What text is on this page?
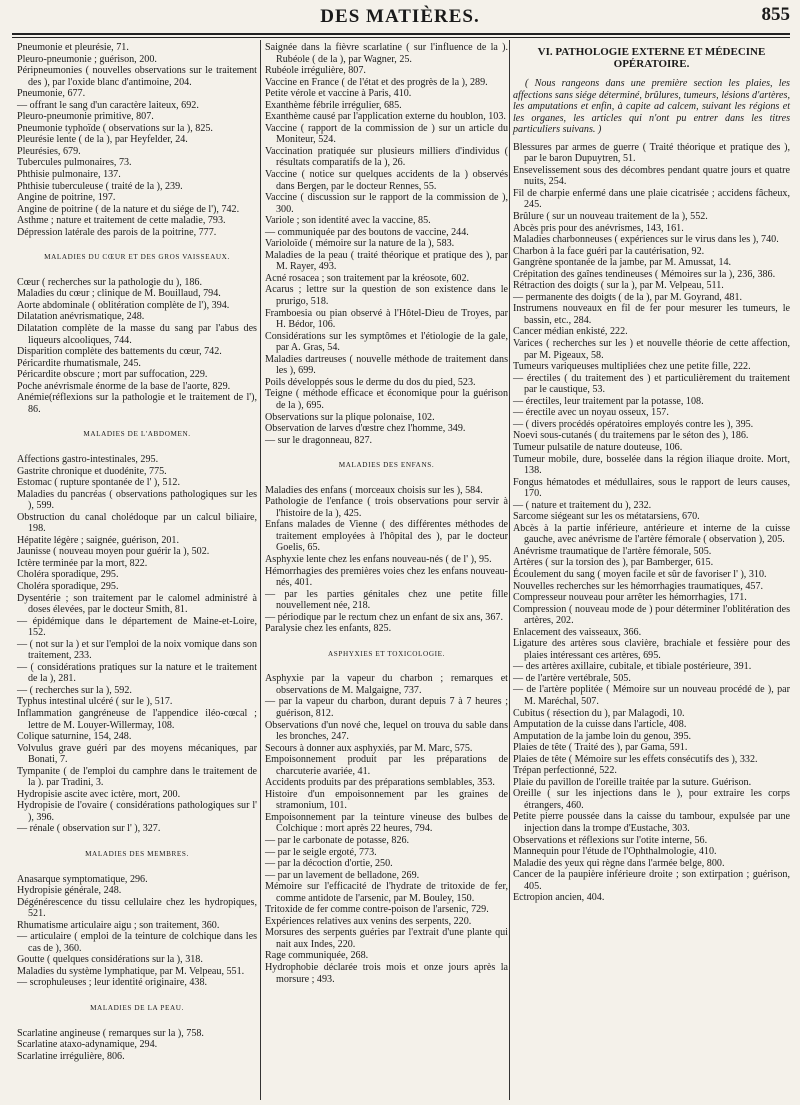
DES MATIÈRES.	855

Pneumonie et pleurésie, 71.

Pleuro-pneumonie ; guérison, 200.

Péripneumonies ( nouvelles observations sur le traitement des ), par l'oxide blanc d'antimoine, 204.

Pneumonie, 677.

— offrant le sang d'un caractère laiteux, 692.

Pleuro-pneumonie primitive, 807.

Pneumonie typhoïde ( observations sur la ), 825.

Pleurésie lente ( de la ), par Heyfelder, 24.

Pleurésies, 679.

Tubercules pulmonaires, 73.

Phthisie pulmonaire, 137.

Phthisie tuberculeuse ( traité de la ), 239.

Angine de poitrine, 197.

Angine de poitrine ( de la nature et du siége de l'), 742.

Asthme ; nature et traitement de cette maladie, 793.

Dépression latérale des parois de la poitrine, 777.

MALADIES DU CŒUR ET DES GROS VAISSEAUX.

Cœur ( recherches sur la pathologie du ), 186.

Maladies du cœur ; clinique de M. Bouillaud, 794.

Aorte abdominale ( oblitération complète de l'), 394.

Dilatation anévrismatique, 248.

Dilatation complète de la masse du sang par l'abus des liqueurs alcooliques, 744.

Disparition complète des battements du cœur, 742.

Péricardite rhumatismale, 245.

Péricardite obscure ; mort par suffocation, 229.

Poche anévrismale énorme de la base de l'aorte, 829.

Anémie(réflexions sur la pathologie et le traitement de l'), 86.

MALADIES DE L'ABDOMEN.

Affections gastro-intestinales, 295.

Gastrite chronique et duodénite, 775.

Estomac ( rupture spontanée de l' ), 512.

Maladies du pancréas ( observations pathologiques sur les ), 599.

Obstruction du canal cholédoque par un calcul biliaire, 198.

Hépatite légère ; saignée, guérison, 201.

Jaunisse ( nouveau moyen pour guérir la ), 502.

Ictère terminée par la mort, 822.

Choléra sporadique, 295.

Choléra sporadique, 295.

Dysentérie ; son traitement par le calomel administré à doses élevées, par le docteur Smith, 81.

— épidémique dans le département de Maine-et-Loire, 152.

— ( not sur la ) et sur l'emploi de la noix vomique dans son traitement, 233.

— ( considérations pratiques sur la nature et le traitement de la ), 281.

— ( recherches sur la ), 592.

Typhus intestinal ulcéré ( sur le ), 517.

Inflammation gangréneuse de l'appendice iléo-cœcal ; lettre de M. Louyer-Willermay, 108.

Colique saturnine, 154, 248.

Volvulus grave guéri par des moyens mécaniques, par Bonati, 7.

Tympanite ( de l'emploi du camphre dans le traitement de la ). par Tradini, 3.

Hydropisie ascite avec ictère, mort, 200.

Hydropisie de l'ovaire ( considérations pathologiques sur l' ), 396.

— rénale ( observation sur l' ), 327.

MALADIES DES MEMBRES.

Anasarque symptomatique, 296.

Hydropisie générale, 248.

Dégénérescence du tissu cellulaire chez les hydropiques, 521.

Rhumatisme articulaire aigu ; son traitement, 360.

— articulaire ( emploi de la teinture de colchique dans les cas de ), 360.

Goutte ( quelques considérations sur la ), 318.

Maladies du système lymphatique, par M. Velpeau, 551.

— scrophuleuses ; leur identité originaire, 438.

MALADIES DE LA PEAU.

Scarlatine angineuse ( remarques sur la ), 758.

Scarlatine ataxo-adynamique, 294.

Scarlatine irrégulière, 806.

Saignée dans la fièvre scarlatine ( sur l'influence de la ). Rubéole ( de la ), par Wagner, 25.

Rubéole irrégulière, 807.

Vaccine en France ( de l'état et des progrès de la ), 289.

Petite vérole et vaccine à Paris, 410.

Exanthème fébrile irrégulier, 685.

Exanthème causé par l'application externe du houblon, 103.

Vaccine ( rapport de la commission de ) sur un article du Moniteur, 524.

Vaccination pratiquée sur plusieurs milliers d'individus ( résultats comparatifs de la ), 26.

Vaccine ( notice sur quelques accidents de la ) observés dans Bergen, par le docteur Rennes, 55.

Vaccine ( discussion sur le rapport de la commission de ), 300.

Variole ; son identité avec la vaccine, 85.

— communiquée par des boutons de vaccine, 244.

Varioloïde ( mémoire sur la nature de la ), 583.

Maladies de la peau ( traité théorique et pratique des ), par M. Rayer, 493.

Acné rosacea ; son traitement par la kréosote, 602.

Acarus ; lettre sur la question de son existence dans le prurigo, 518.

Framboesia ou pian observé à l'Hôtel-Dieu de Troyes, par H. Bédor, 106.

Considérations sur les symptômes et l'étiologie de la gale, par A. Gras, 54.

Maladies dartreuses ( nouvelle méthode de traitement dans les ), 699.

Poils développés sous le derme du dos du pied, 523.

Teigne ( méthode efficace et économique pour la guérison de la ), 695.

Observations sur la plique polonaise, 102.

Observation de larves d'œstre chez l'homme, 349.

— sur le dragonneau, 827.

MALADIES DES ENFANS.

Maladies des enfans ( morceaux choisis sur les ), 584.

Pathologie de l'enfance ( trois observations pour servir à l'histoire de la ), 425.

Enfans malades de Vienne ( des différentes méthodes de traitement employées à l'hôpital des ), par le docteur Goelis, 65.

Asphyxie lente chez les enfans nouveau-nés ( de l' ), 95.

Hémorrhagies des premières voies chez les enfans nouveau-nés, 401.

— par les parties génitales chez une petite fille nouvellement née, 218.

— périodique par le rectum chez un enfant de six ans, 367.

Paralysie chez les enfants, 825.

ASPHYXIES ET TOXICOLOGIE.

Asphyxie par la vapeur du charbon ; remarques et observations de M. Malgaigne, 737.

— par la vapeur du charbon, durant depuis 7 à 7 heures ; guérison, 812.

Observations d'un nové che, lequel on trouva du sable dans les bronches, 247.

Secours à donner aux asphyxiés, par M. Marc, 575.

Empoisonnement produit par les préparations de charcuterie avariée, 41.

Accidents produits par des préparations semblables, 353.

Histoire d'un empoisonnement par les graines de stramonium, 101.

Empoisonnement par la teinture vineuse des bulbes de Colchique : mort après 22 heures, 794.

— par le carbonate de potasse, 826.

— par le seigle ergoté, 773.

— par la décoction d'ortie, 250.

— par un lavement de belladone, 269.

Mémoire sur l'efficacité de l'hydrate de tritoxide de fer, comme antidote de l'arsenic, par M. Bouley, 150.

Tritoxide de fer comme contre-poison de l'arsenic, 729.

Expériences relatives aux venins des serpents, 220.

Morsures des serpents guéries par l'extrait d'une plante qui nait aux Indes, 220.

Rage communiquée, 268.

Hydrophobie déclarée trois mois et onze jours après la morsure ; 493.

VI. PATHOLOGIE EXTERNE ET MÉDECINE OPÉRATOIRE.

( Nous rangeons dans une première section les plaies, les affections sans siége déterminé, brûlures, tumeurs, lésions d'artères, les amputations et enfin, à capite ad calcem, suivant les régions et les organes, les articles qui n'ont pu entrer dans les titres particuliers suivans. )

Blessures par armes de guerre ( Traité théorique et pratique des ), par le baron Dupuytren, 51.

Ensevelissement sous des décombres pendant quatre jours et quatre nuits, 254.

Fil de charpie enfermé dans une plaie cicatrisée ; accidens fâcheux, 245.

Brûlure ( sur un nouveau traitement de la ), 552.

Abcès pris pour des anévrismes, 143, 161.

Maladies charbonneuses ( expériences sur le virus dans les ), 740.

Charbon à la face guéri par la cautérisation, 92.

Gangrène spontanée de la jambe, par M. Amussat, 14.

Crépitation des gaînes tendineuses ( Mémoires sur la ), 236, 386.

Rétraction des doigts ( sur la ), par M. Velpeau, 511.

— permanente des doigts ( de la ), par M. Goyrand, 481.

Instrumens nouveaux en fil de fer pour mesurer les tumeurs, le bassin, etc., 284.

Cancer médian enkisté, 222.

Varices ( recherches sur les ) et nouvelle théorie de cette affection, par M. Pigeaux, 58.

Tumeurs variqueuses multipliées chez une petite fille, 222.

— érectiles ( du traitement des ) et particulièrement du traitement par le caustique, 53.

— érectiles, leur traitement par la potasse, 108.

— érectile avec un noyau osseux, 157.

— ( divers procédés opératoires employés contre les ), 395.

Noevi sous-cutanés ( du traitemens par le séton des ), 186.

Tumeur pulsatile de nature douteuse, 106.

Tumeur mobile, dure, bosselée dans la région iliaque droite. Mort, 138.

Fongus hématodes et médullaires, sous le rapport de leurs causes, 170.

— ( nature et traitement du ), 232.

Sarcome siégeant sur les os métatarsiens, 670.

Abcès à la partie inférieure, antérieure et interne de la cuisse gauche, avec anévrisme de l'artère fémorale ( observation ), 205.

Anévrisme traumatique de l'artère fémorale, 505.

Artères ( sur la torsion des ), par Bamberger, 615.

Écoulement du sang ( moyen facile et sûr de favoriser l' ), 310.

Nouvelles recherches sur les hémorrhagies traumatiques, 457.

Compresseur nouveau pour arrêter les hémorrhagies, 171.

Compression ( nouveau mode de ) pour déterminer l'oblitération des artères, 202.

Enlacement des vaisseaux, 366.

Ligature des artères sous clavière, brachiale et fessière pour des plaies intéressant ces artères, 695.

— des artères axillaire, cubitale, et tibiale postérieure, 391.

— de l'artère vertébrale, 505.

— de l'artère poplitée ( Mémoire sur un nouveau procédé de ), par M. Maréchal, 507.

Cubitus ( résection du ), par Malagodi, 10.

Amputation de la cuisse dans l'article, 408.

Amputation de la jambe loin du genou, 395.

Plaies de tête ( Traité des ), par Gama, 591.

Plaies de tête ( Mémoire sur les effets consécutifs des ), 332.

Trépan perfectionné, 522.

Plaie du pavillon de l'oreille traitée par la suture. Guérison.

Oreille ( sur les injections dans le ), pour extraire les corps étrangers, 460.

Petite pierre poussée dans la caisse du tambour, expulsée par une injection dans la trompe d'Eustache, 303.

Observations et réflexions sur l'otite interne, 56.

Mannequin pour l'étude de l'Ophthalmologie, 410.

Maladie des yeux qui règne dans l'armée belge, 800.

Cancer de la paupière inférieure droite ; son extirpation ; guérison, 405.

Ectropion ancien, 404.
